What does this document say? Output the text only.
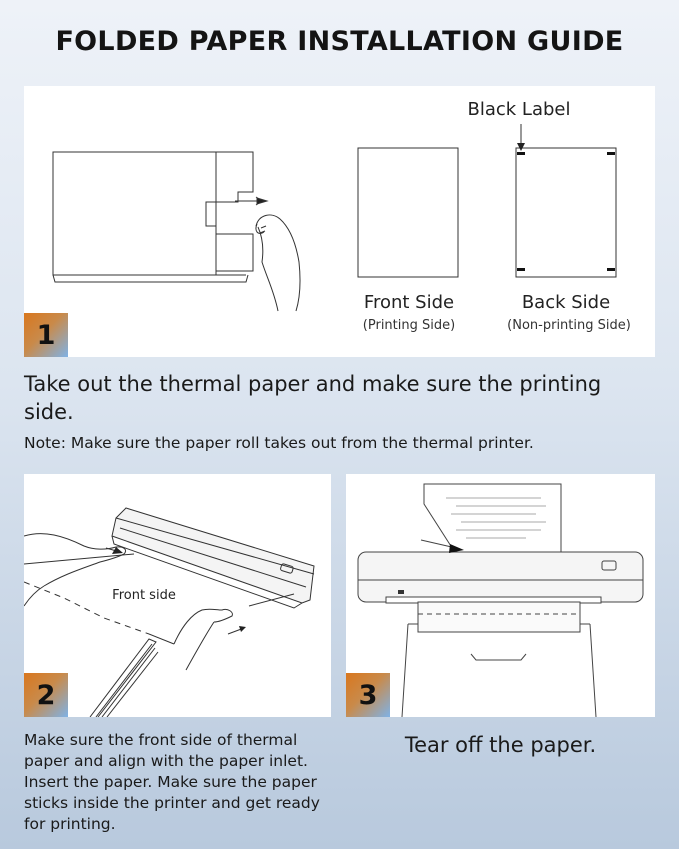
FOLDED PAPER INSTALLATION GUIDE
1
Black Label
Front Side
(Printing Side)
Back Side
(Non-printing Side)
Take out the thermal paper and make sure the printing side.
Note: Make sure the paper roll takes out from the thermal printer.
Front side
2
Make sure the front side of thermal paper and align with the paper inlet. Insert the paper. Make sure the paper sticks inside the printer and get ready for printing.
3
Tear off the paper.
